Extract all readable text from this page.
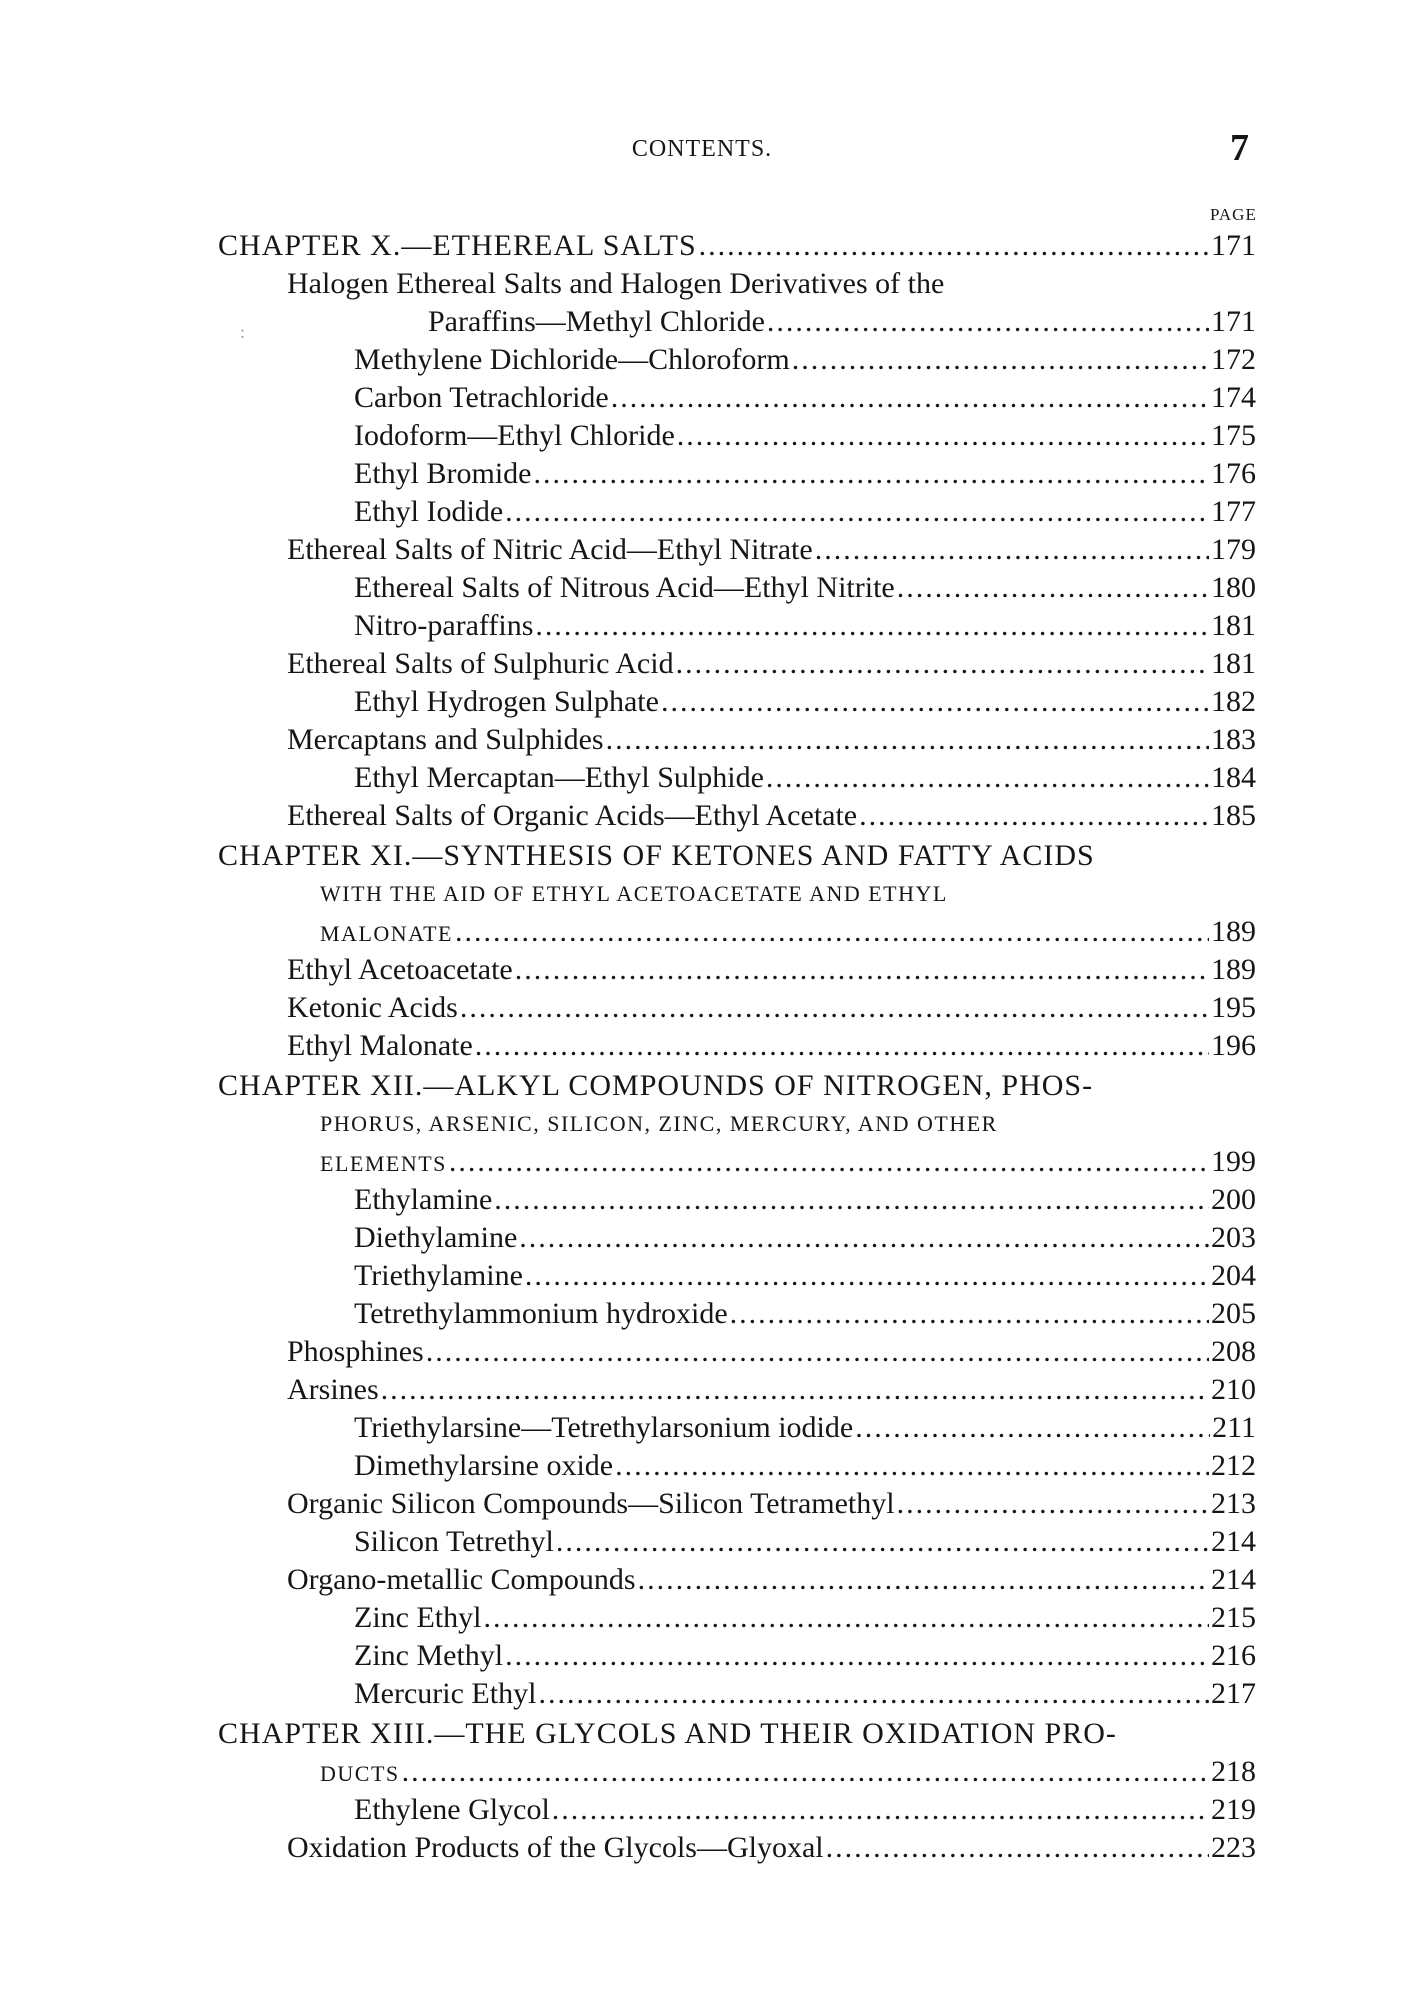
CONTENTS.	7
PAGE
:
CHAPTER X.—ETHEREAL SALTS .....	171
Halogen Ethereal Salts and Halogen Derivatives of the
Paraffins—Methyl Chloride .....	171
Methylene Dichloride—Chloroform .....	172
Carbon Tetrachloride .....	174
Iodoform—Ethyl Chloride .....	175
Ethyl Bromide .....	176
Ethyl Iodide .....	177
Ethereal Salts of Nitric Acid—Ethyl Nitrate .....	179
Ethereal Salts of Nitrous Acid—Ethyl Nitrite .....	180
Nitro-paraffins .....	181
Ethereal Salts of Sulphuric Acid .....	181
Ethyl Hydrogen Sulphate .....	182
Mercaptans and Sulphides .....	183
Ethyl Mercaptan—Ethyl Sulphide .....	184
Ethereal Salts of Organic Acids—Ethyl Acetate .....	185
CHAPTER XI.—SYNTHESIS OF KETONES AND FATTY ACIDS
WITH THE AID OF ETHYL ACETOACETATE AND ETHYL
MALONATE .....	189
Ethyl Acetoacetate .....	189
Ketonic Acids .....	195
Ethyl Malonate .....	196
CHAPTER XII.—ALKYL COMPOUNDS OF NITROGEN, PHOS-
PHORUS, ARSENIC, SILICON, ZINC, MERCURY, AND OTHER
ELEMENTS .....	199
Ethylamine .....	200
Diethylamine .....	203
Triethylamine .....	204
Tetrethylammonium hydroxide .....	205
Phosphines .....	208
Arsines .....	210
Triethylarsine—Tetrethylarsonium iodide .....	211
Dimethylarsine oxide .....	212
Organic Silicon Compounds—Silicon Tetramethyl .....	213
Silicon Tetrethyl .....	214
Organo-metallic Compounds .....	214
Zinc Ethyl .....	215
Zinc Methyl .....	216
Mercuric Ethyl .....	217
CHAPTER XIII.—THE GLYCOLS AND THEIR OXIDATION PRO-
DUCTS .....	218
Ethylene Glycol .....	219
Oxidation Products of the Glycols—Glyoxal .....	223
